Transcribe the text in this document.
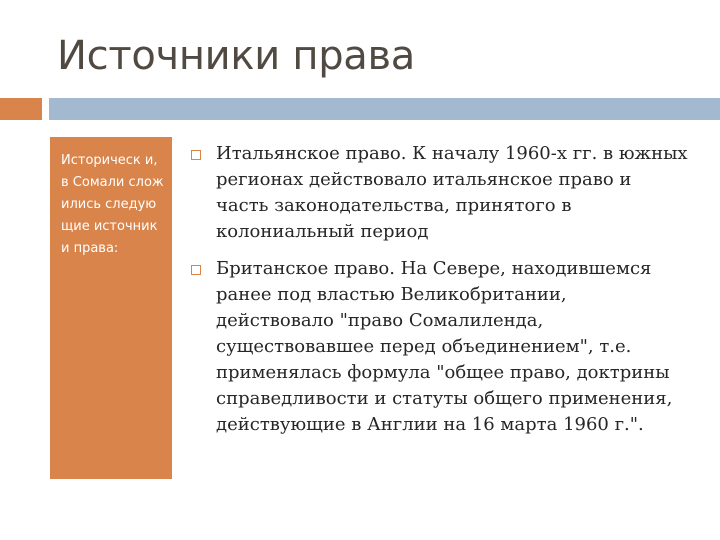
Источники права

Историческ и, в Сомали сложились следующие источники права:

Итальянское право. К началу 1960-х гг. в южных регионах действовало итальянское право и часть законодательства, принятого в колониальный период
Британское право. На Севере, находившемся ранее под властью Великобритании, действовало "право Сомалиленда, существовавшее перед объединением", т.е. применялась формула "общее право, доктрины справедливости и статуты общего применения, действующие в Англии на 16 марта 1960 г.".
